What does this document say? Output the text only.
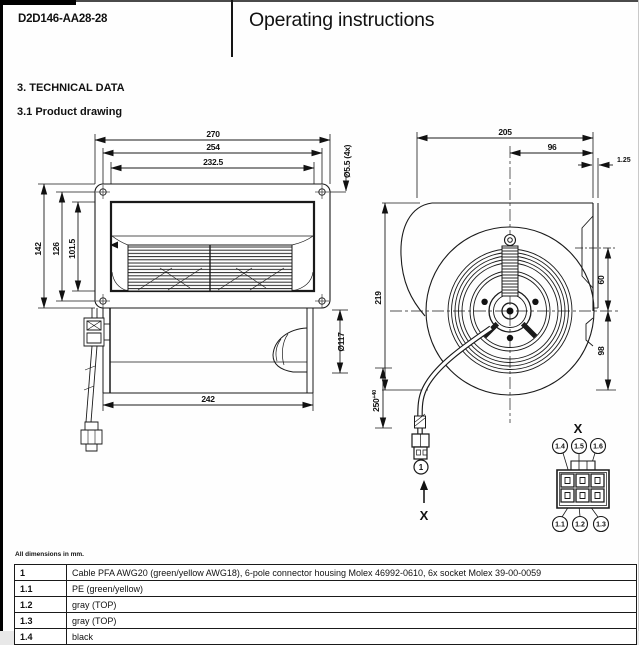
D2D146-AA28-28	Operating instructions
3. TECHNICAL DATA
3.1 Product drawing
270
254
232.5	Ø5.5 (4x)
142 126 101.5
Ø117
242
205
96
1.25
219
60
98
$250^{+40}$
1
X
X
1.4 1.5 1.6
1.1 1.2 1.3
All dimensions in mm.
1	Cable PFA AWG20 (green/yellow AWG18), 6-pole connector housing Molex 46992-0610, 6x socket Molex 39-00-0059
1.1	PE (green/yellow)
1.2	gray (TOP)
1.3	gray (TOP)
1.4	black
